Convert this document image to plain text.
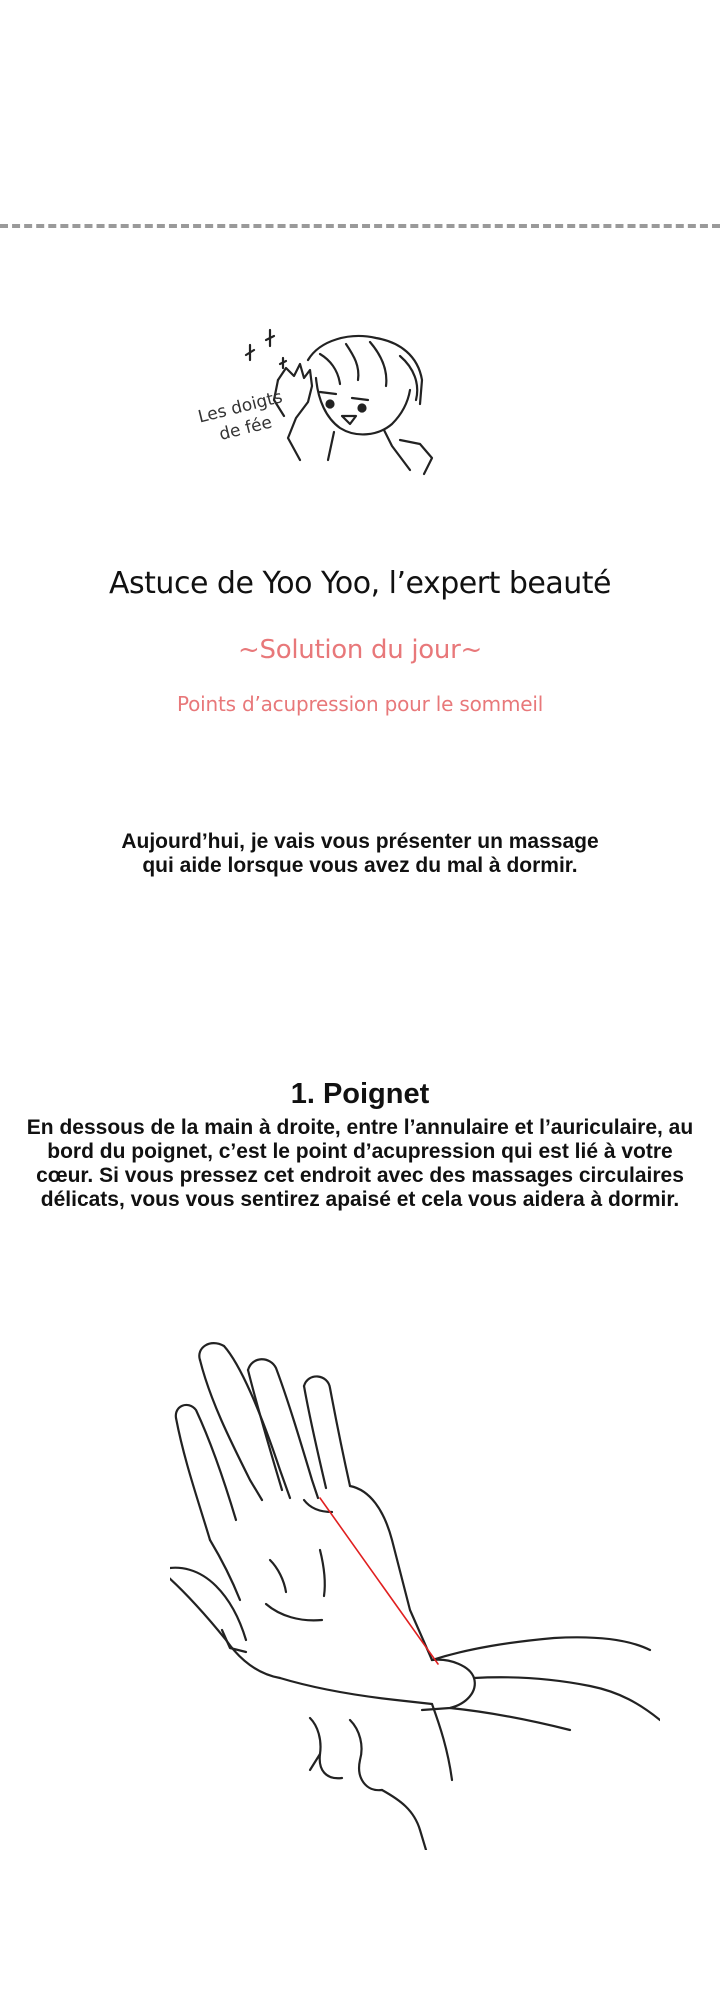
Les doigts de fée
Astuce de Yoo Yoo, l’expert beauté
~Solution du jour~
Points d’acupression pour le sommeil
Aujourd’hui, je vais vous présenter un massage qui aide lorsque vous avez du mal à dormir.
1. Poignet
En dessous de la main à droite, entre l’annulaire et l’auriculaire, au bord du poignet, c’est le point d’acupression qui est lié à votre cœur. Si vous pressez cet endroit avec des massages circulaires délicats, vous vous sentirez apaisé et cela vous aidera à dormir.
